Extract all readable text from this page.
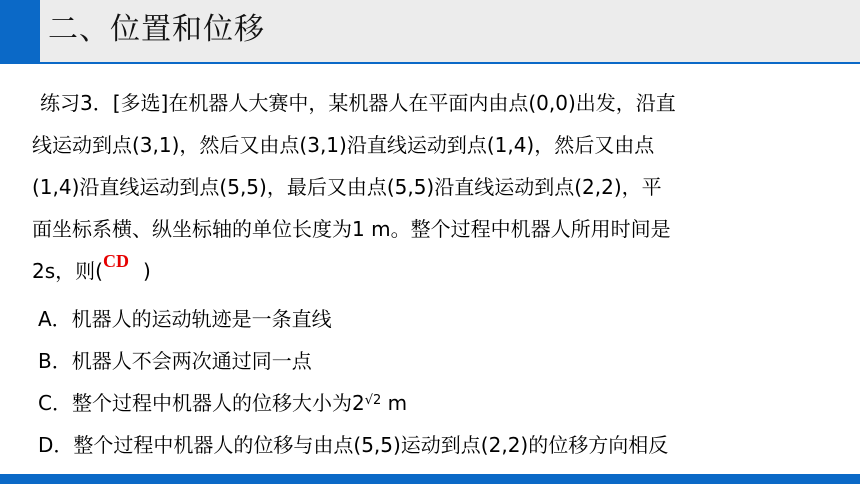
二、位置和位移
练习3．[多选]在机器人大赛中，某机器人在平面内由点(0,0)出发，沿直
线运动到点(3,1)，然后又由点(3,1)沿直线运动到点(1,4)，然后又由点
(1,4)沿直线运动到点(5,5)，最后又由点(5,5)沿直线运动到点(2,2)，平
面坐标系横、纵坐标轴的单位长度为1 m。整个过程中机器人所用时间是
2s，则(CD )
A．机器人的运动轨迹是一条直线
B．机器人不会两次通过同一点
C．整个过程中机器人的位移大小为2√2 m
D．整个过程中机器人的位移与由点(5,5)运动到点(2,2)的位移方向相反
